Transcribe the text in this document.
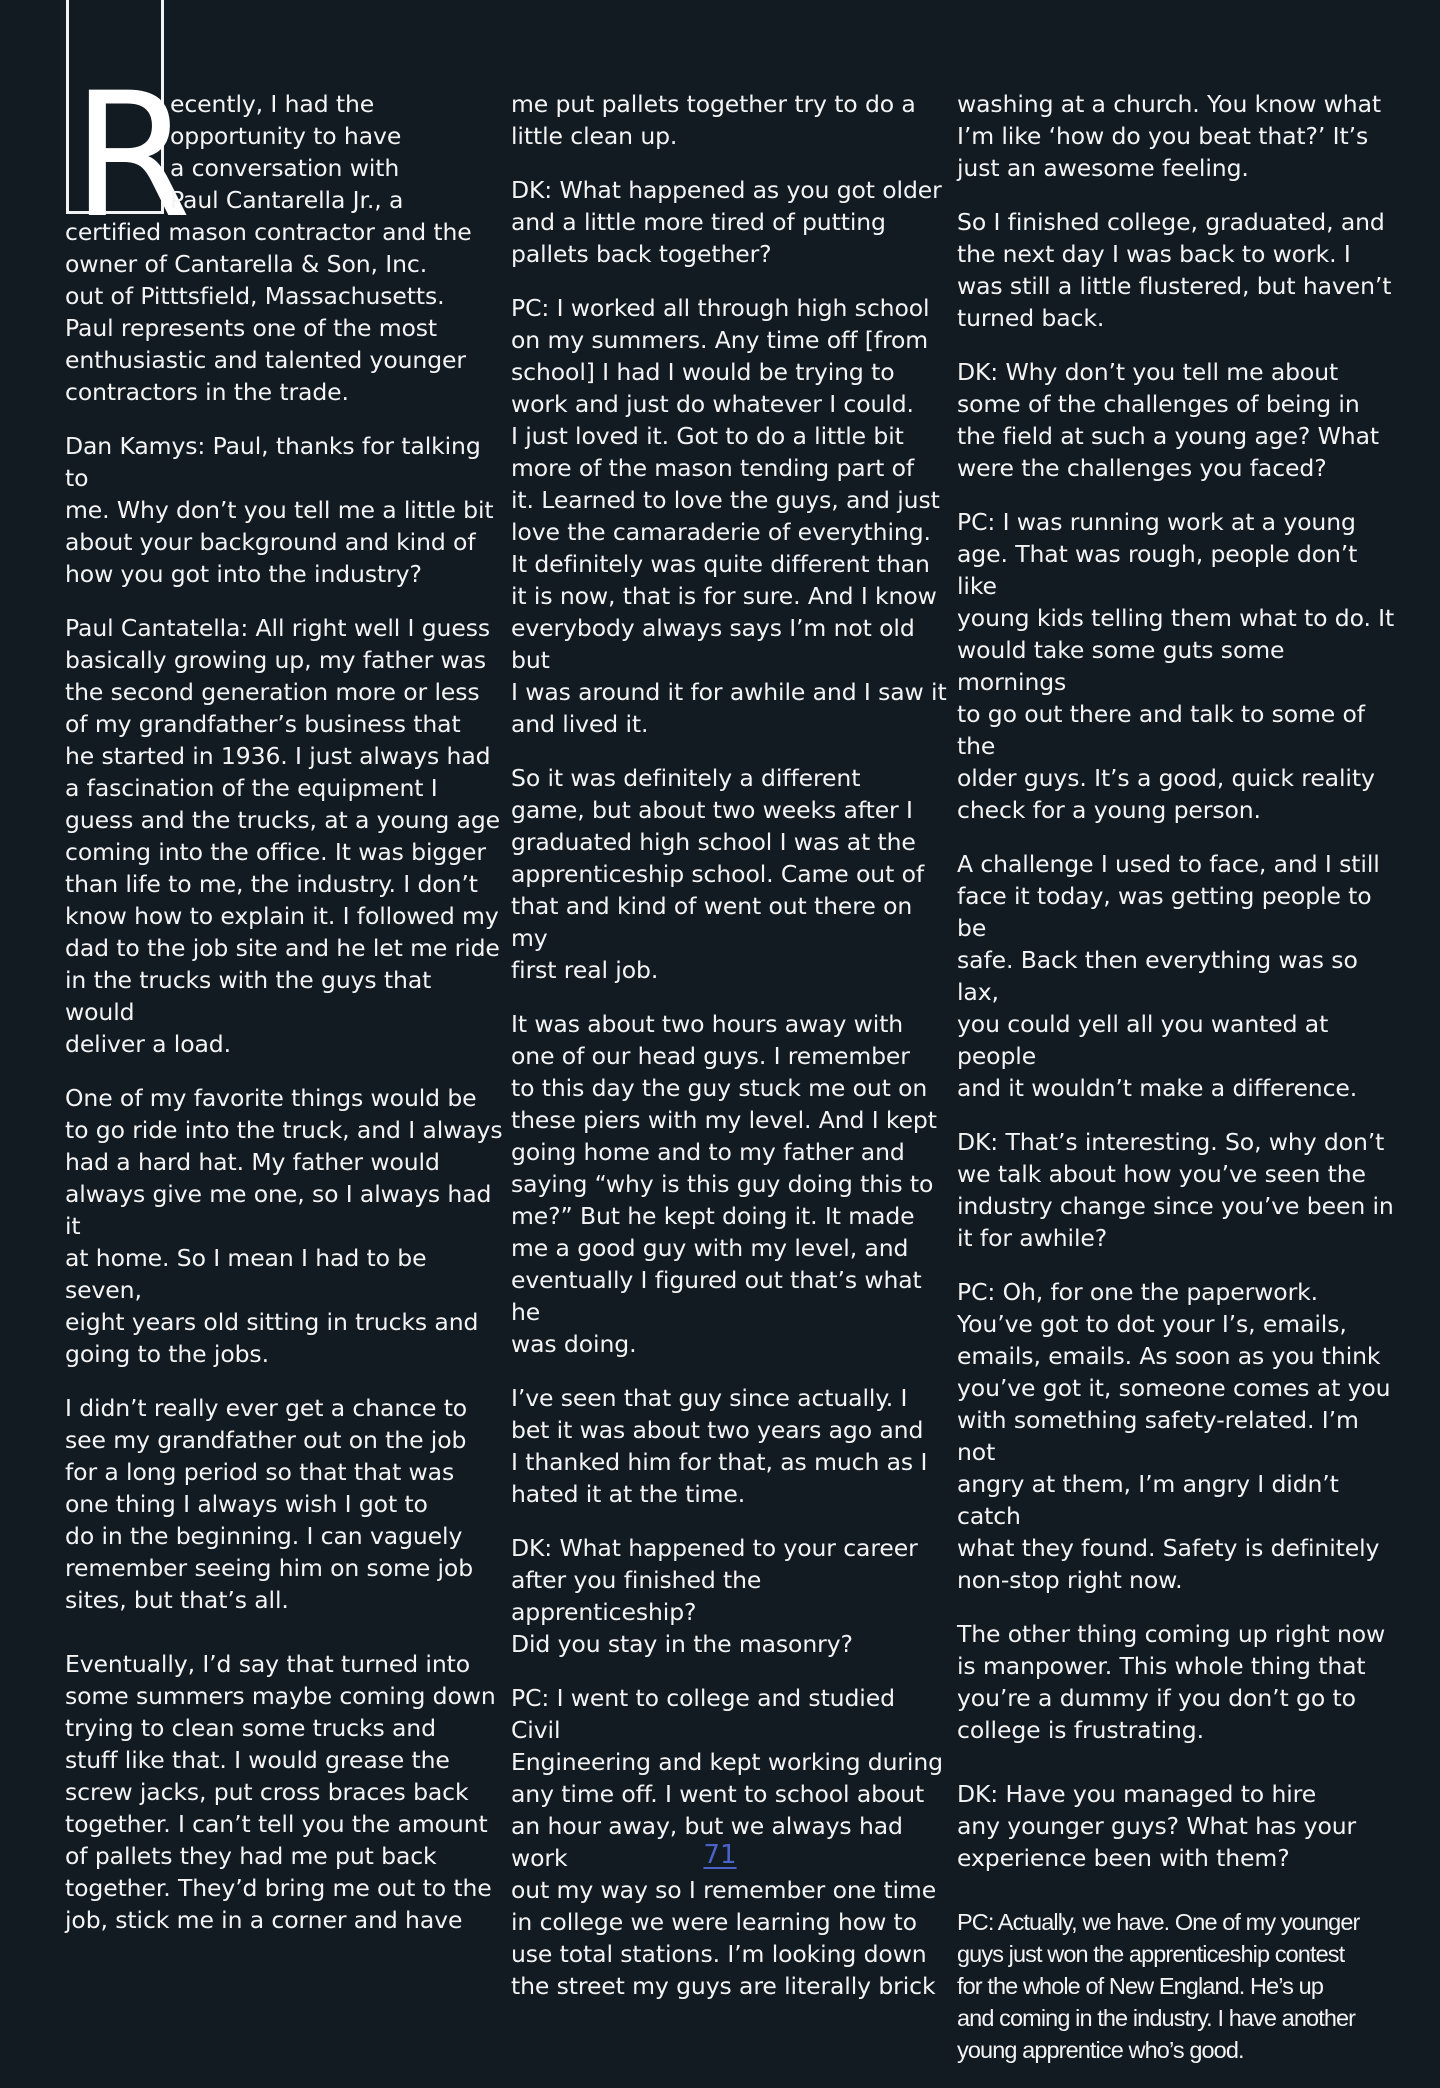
R

ecently, I had the
opportunity to have
a conversation with
Paul Cantarella Jr., a

certified mason contractor and the
owner of Cantarella & Son, Inc.
out of Pitttsfield, Massachusetts.
Paul represents one of the most
enthusiastic and talented younger
contractors in the trade.

Dan Kamys: Paul, thanks for talking to
me. Why don’t you tell me a little bit
about your background and kind of
how you got into the industry?

Paul Cantatella: All right well I guess
basically growing up, my father was
the second generation more or less
of my grandfather’s business that
he started in 1936. I just always had
a fascination of the equipment I
guess and the trucks, at a young age
coming into the office. It was bigger
than life to me, the industry. I don’t
know how to explain it. I followed my
dad to the job site and he let me ride
in the trucks with the guys that would
deliver a load.

One of my favorite things would be
to go ride into the truck, and I always
had a hard hat. My father would
always give me one, so I always had it
at home. So I mean I had to be seven,
eight years old sitting in trucks and
going to the jobs.

I didn’t really ever get a chance to
see my grandfather out on the job
for a long period so that that was
one thing I always wish I got to
do in the beginning. I can vaguely
remember seeing him on some job
sites, but that’s all.

Eventually, I’d say that turned into
some summers maybe coming down
trying to clean some trucks and
stuff like that. I would grease the
screw jacks, put cross braces back
together. I can’t tell you the amount
of pallets they had me put back
together. They’d bring me out to the
job, stick me in a corner and have

me put pallets together try to do a
little clean up.

DK: What happened as you got older
and a little more tired of putting
pallets back together?

PC: I worked all through high school
on my summers. Any time off [from
school] I had I would be trying to
work and just do whatever I could.
I just loved it. Got to do a little bit
more of the mason tending part of
it. Learned to love the guys, and just
love the camaraderie of everything.
It definitely was quite different than
it is now, that is for sure. And I know
everybody always says I’m not old but
I was around it for awhile and I saw it
and lived it.

So it was definitely a different
game, but about two weeks after I
graduated high school I was at the
apprenticeship school. Came out of
that and kind of went out there on my
first real job.

It was about two hours away with
one of our head guys. I remember
to this day the guy stuck me out on
these piers with my level. And I kept
going home and to my father and
saying “why is this guy doing this to
me?” But he kept doing it. It made
me a good guy with my level, and
eventually I figured out that’s what he
was doing.

I’ve seen that guy since actually. I
bet it was about two years ago and
I thanked him for that, as much as I
hated it at the time.

DK: What happened to your career
after you finished the apprenticeship?
Did you stay in the masonry?

PC: I went to college and studied Civil
Engineering and kept working during
any time off. I went to school about
an hour away, but we always had work
out my way so I remember one time
in college we were learning how to
use total stations. I’m looking down
the street my guys are literally brick

washing at a church. You know what
I’m like ‘how do you beat that?’ It’s
just an awesome feeling.

So I finished college, graduated, and
the next day I was back to work. I
was still a little flustered, but haven’t
turned back.

DK: Why don’t you tell me about
some of the challenges of being in
the field at such a young age? What
were the challenges you faced?

PC: I was running work at a young
age. That was rough, people don’t like
young kids telling them what to do. It
would take some guts some mornings
to go out there and talk to some of the
older guys. It’s a good, quick reality
check for a young person.

A challenge I used to face, and I still
face it today, was getting people to be
safe. Back then everything was so lax,
you could yell all you wanted at people
and it wouldn’t make a difference.

DK: That’s interesting. So, why don’t
we talk about how you’ve seen the
industry change since you’ve been in
it for awhile?

PC: Oh, for one the paperwork.
You’ve got to dot your I’s, emails,
emails, emails. As soon as you think
you’ve got it, someone comes at you
with something safety-related. I’m not
angry at them, I’m angry I didn’t catch
what they found. Safety is definitely
non-stop right now.

The other thing coming up right now
is manpower. This whole thing that
you’re a dummy if you don’t go to
college is frustrating.

DK: Have you managed to hire
any younger guys? What has your
experience been with them?

PC: Actually, we have. One of my younger
guys just won the apprenticeship contest
for the whole of New England. He’s up
and coming in the industry. I have another
young apprentice who’s good.

71
